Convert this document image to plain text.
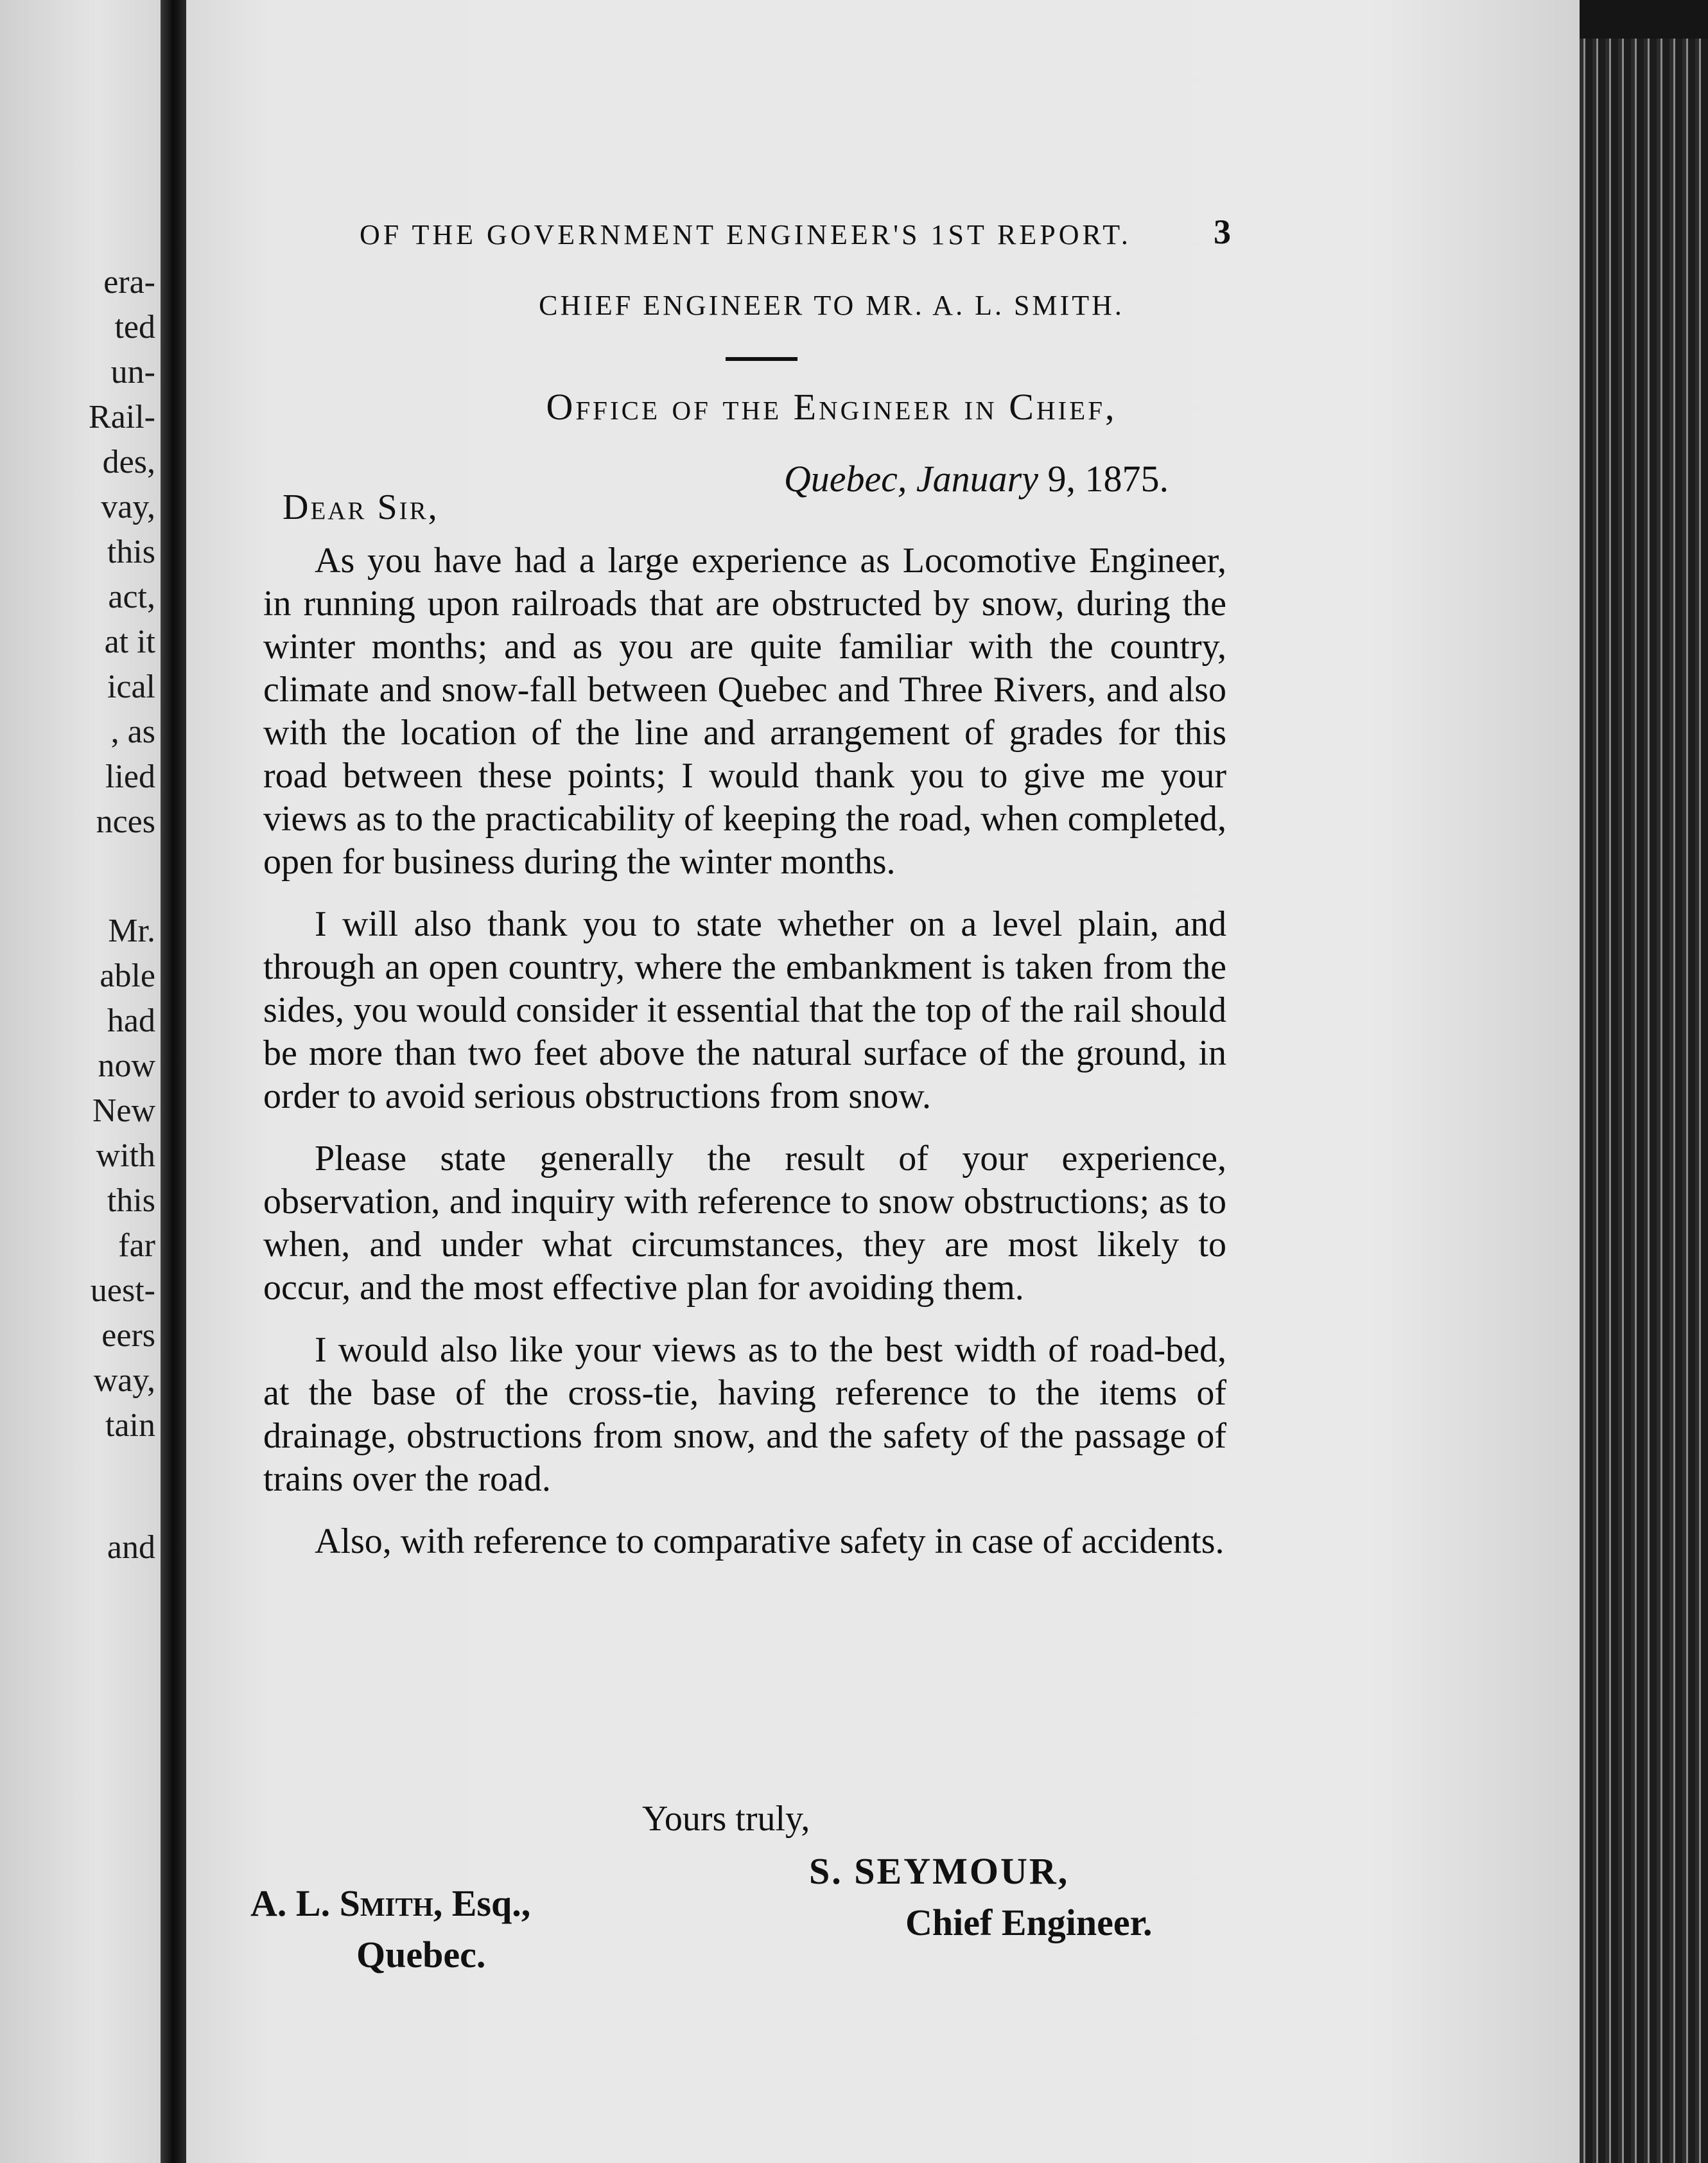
era-
ted
un-
Rail-
des,
vay,
this
act,
at it
ical
, as
lied
nces
Mr.
able
had
now
New
with
this
far
uest-
eers
way,
tain
and
OF THE GOVERNMENT ENGINEER'S 1ST REPORT.	3
CHIEF ENGINEER TO MR. A. L. SMITH.
Office of the Engineer in Chief,
Quebec, January 9, 1875.
Dear Sir,

As you have had a large experience as Locomotive Engineer, in running upon railroads that are obstructed by snow, during the winter months; and as you are quite familiar with the country, climate and snow-fall between Quebec and Three Rivers, and also with the location of the line and arrangement of grades for this road between these points; I would thank you to give me your views as to the practicability of keeping the road, when completed, open for business during the winter months.

I will also thank you to state whether on a level plain, and through an open country, where the embankment is taken from the sides, you would consider it essential that the top of the rail should be more than two feet above the natural surface of the ground, in order to avoid serious obstructions from snow.

Please state generally the result of your experience, observation, and inquiry with reference to snow obstructions; as to when, and under what circumstances, they are most likely to occur, and the most effective plan for avoiding them.

I would also like your views as to the best width of road-bed, at the base of the cross-tie, having reference to the items of drainage, obstructions from snow, and the safety of the passage of trains over the road.

Also, with reference to comparative safety in case of accidents.

Yours truly,
S. SEYMOUR,
Chief Engineer.
A. L. Smith, Esq.,
Quebec.
